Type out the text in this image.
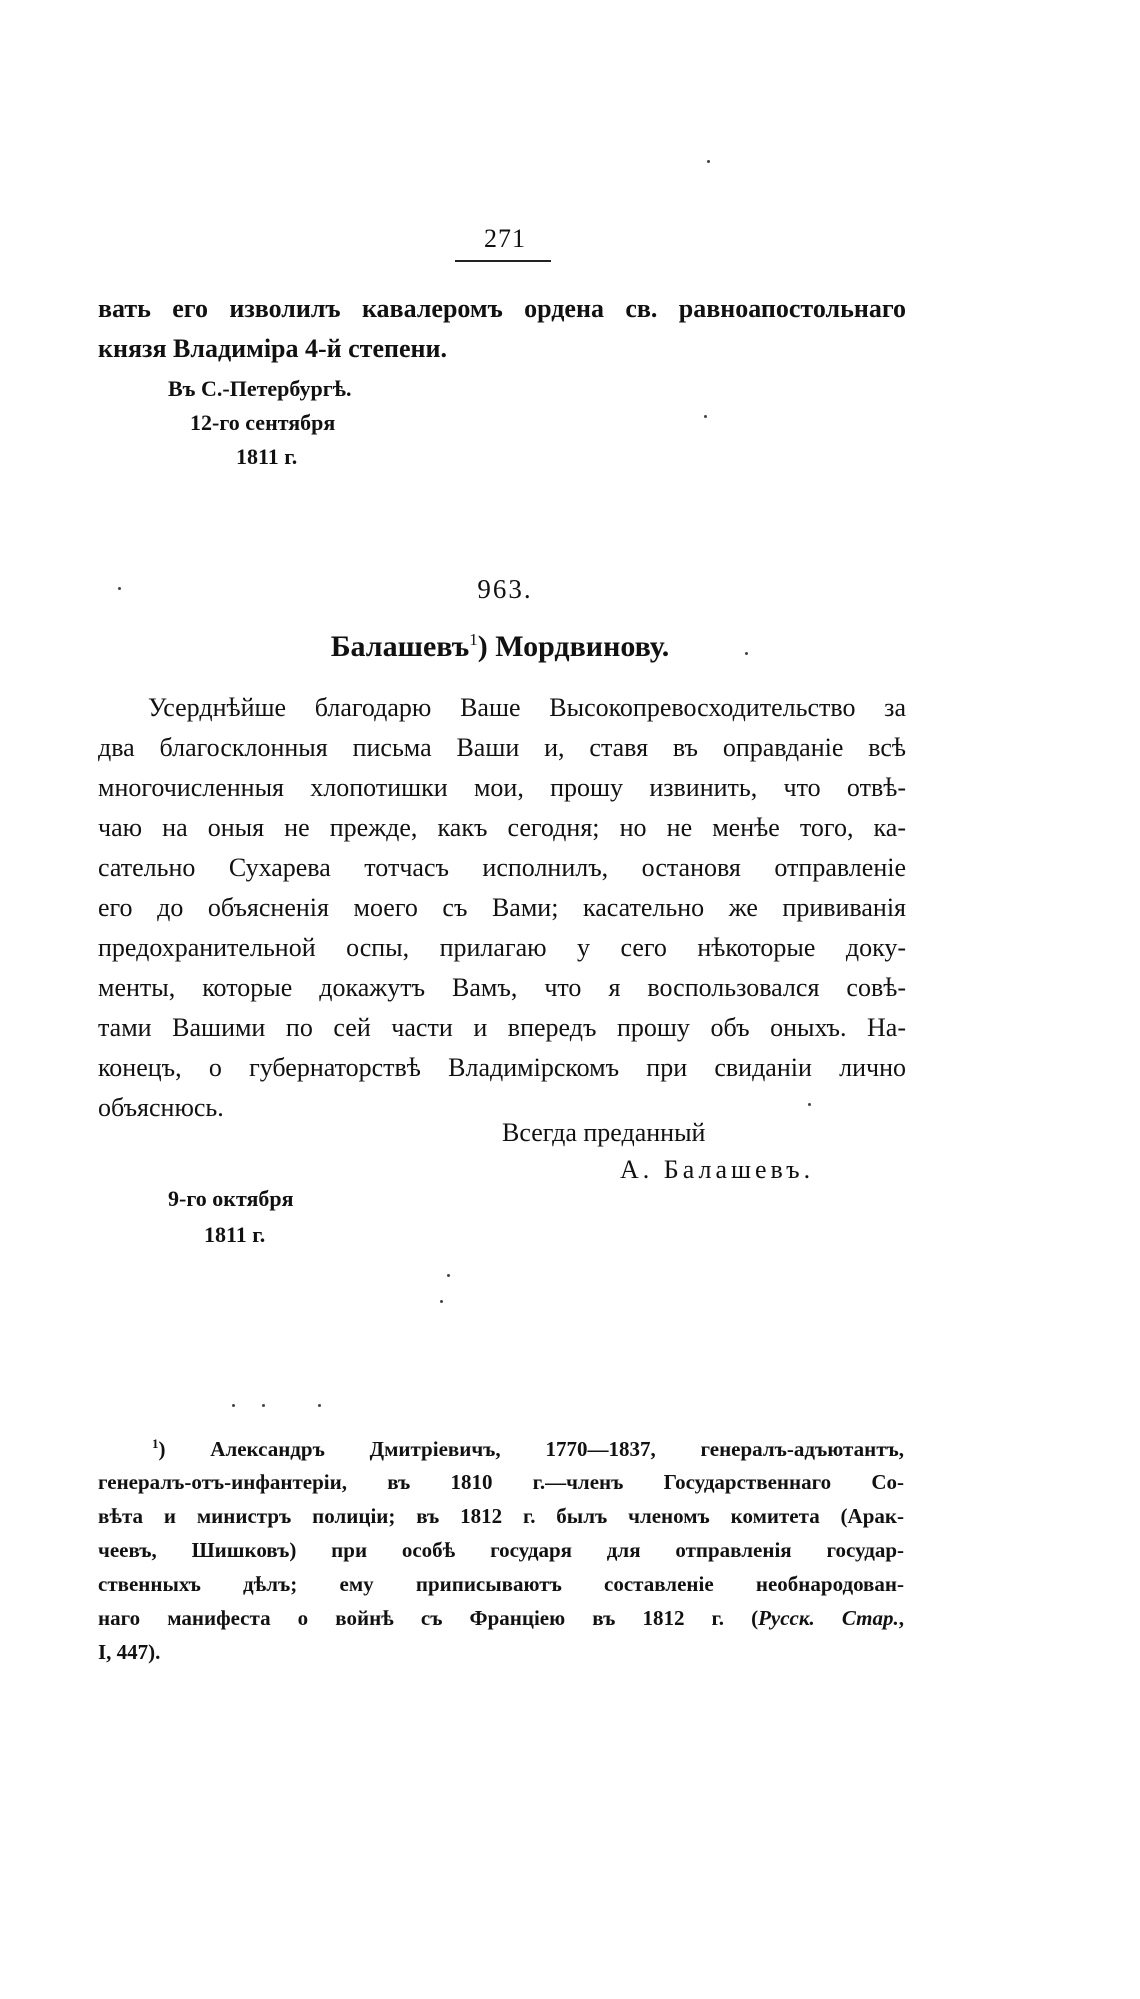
271
вать его изволилъ кавалеромъ ордена св. равноапостольнаго
князя Владиміра 4-й степени.
Въ С.-Петербургѣ.
12-го сентября
1811 г.
963.
Балашевъ$^1$) Мордвинову.
Усерднѣйше благодарю Ваше Высокопревосходительство за
два благосклонныя письма Ваши и, ставя въ оправданіе всѣ
многочисленныя хлопотишки мои, прошу извинить, что отвѣ-
чаю на оныя не прежде, какъ сегодня; но не менѣе того, ка-
сательно Сухарева тотчасъ исполнилъ, остановя отправленіе
его до объясненія моего съ Вами; касательно же прививанія
предохранительной оспы, прилагаю у сего нѣкоторые доку-
менты, которые докажутъ Вамъ, что я воспользовался совѣ-
тами Вашими по сей части и впередъ прошу объ оныхъ. На-
конецъ, о губернаторствѣ Владимірскомъ при свиданіи лично
объяснюсь.
Всегда преданный
А. Балашевъ.
9-го октября
1811 г.
$^1$) Александръ Дмитріевичъ, 1770—1837, генералъ-адъютантъ,
генералъ-отъ-инфантеріи, въ 1810 г.—членъ Государственнаго Со-
вѣта и министръ полиціи; въ 1812 г. былъ членомъ комитета (Арак-
чеевъ, Шишковъ) при особѣ государя для отправленія государ-
ственныхъ дѣлъ; ему приписываютъ составленіе необнародован-
наго манифеста о войнѣ съ Франціею въ 1812 г. (Русск. Стар.,
I, 447).
